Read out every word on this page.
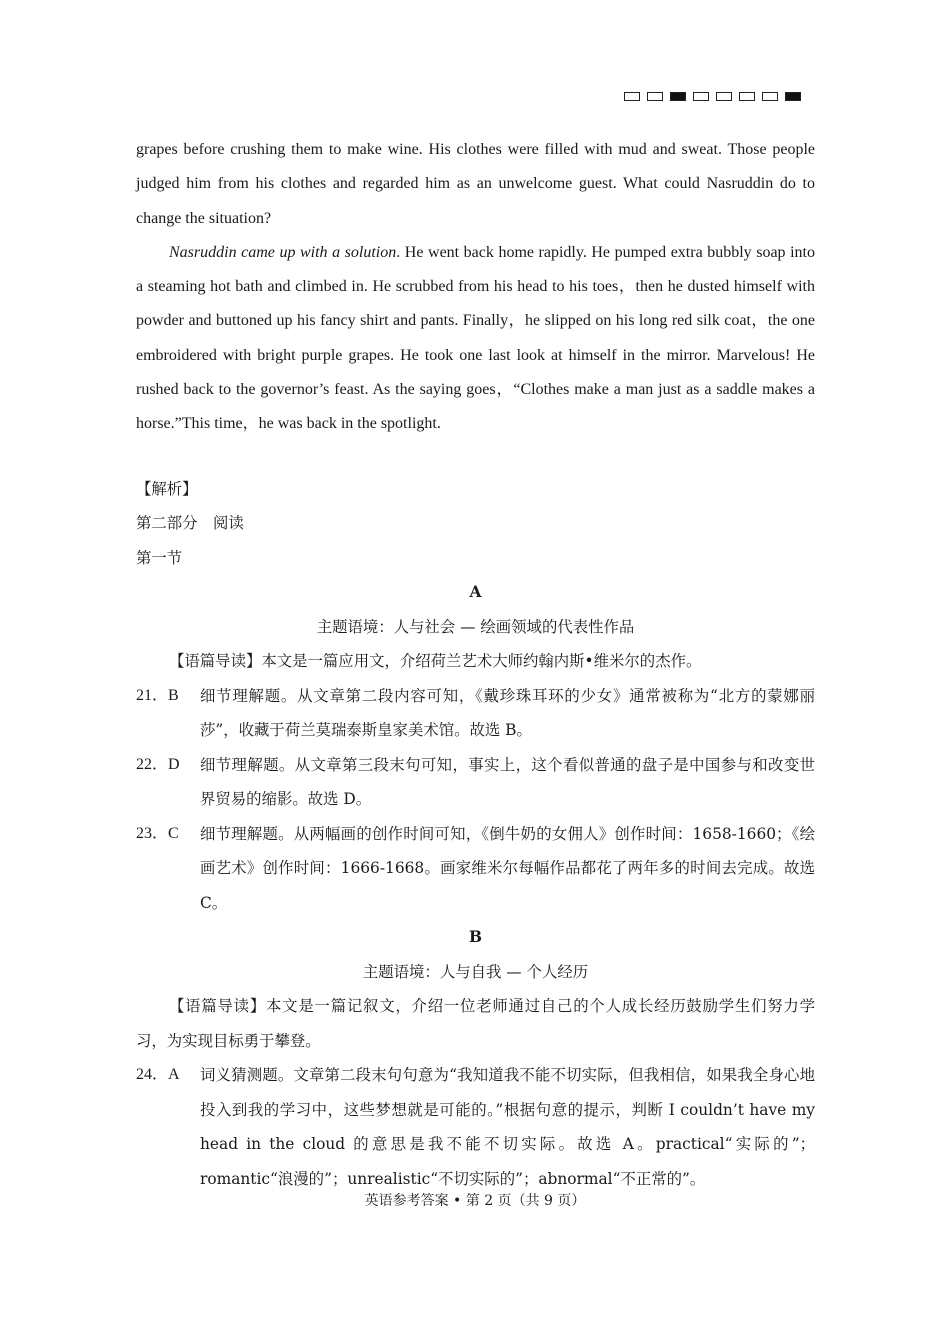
grapes before crushing them to make wine. His clothes were filled with mud and sweat. Those people judged him from his clothes and regarded him as an unwelcome guest. What could Nasruddin do to change the situation?

Nasruddin came up with a solution. He went back home rapidly. He pumped extra bubbly soap into a steaming hot bath and climbed in. He scrubbed from his head to his toes，then he dusted himself with powder and buttoned up his fancy shirt and pants. Finally，he slipped on his long red silk coat，the one embroidered with bright purple grapes. He took one last look at himself in the mirror. Marvelous! He rushed back to the governor’s feast. As the saying goes，“Clothes make a man just as a saddle makes a horse.”This time，he was back in the spotlight.

【解析】

第二部分　阅读

第一节

A

主题语境：人与社会 — 绘画领域的代表性作品

【语篇导读】本文是一篇应用文，介绍荷兰艺术大师约翰内斯•维米尔的杰作。

21．B	细节理解题。从文章第二段内容可知，《戴珍珠耳环的少女》通常被称为“北方的蒙娜丽莎”，收藏于荷兰莫瑞泰斯皇家美术馆。故选 B。
22．D	细节理解题。从文章第三段末句可知，事实上，这个看似普通的盘子是中国参与和改变世界贸易的缩影。故选 D。
23．C	细节理解题。从两幅画的创作时间可知，《倒牛奶的女佣人》创作时间：1658-1660；《绘画艺术》创作时间：1666-1668。画家维米尔每幅作品都花了两年多的时间去完成。故选 C。

B

主题语境：人与自我 — 个人经历

【语篇导读】本文是一篇记叙文，介绍一位老师通过自己的个人成长经历鼓励学生们努力学习，为实现目标勇于攀登。

24．A	词义猜测题。文章第二段末句句意为“我知道我不能不切实际，但我相信，如果我全身心地投入到我的学习中，这些梦想就是可能的。”根据句意的提示，判断 I couldn’t have my head in the cloud 的意思是我不能不切实际。故选 A。practical“实际的”；romantic“浪漫的”；unrealistic“不切实际的”；abnormal“不正常的”。
英语参考答案 • 第 2 页（共 9 页）
